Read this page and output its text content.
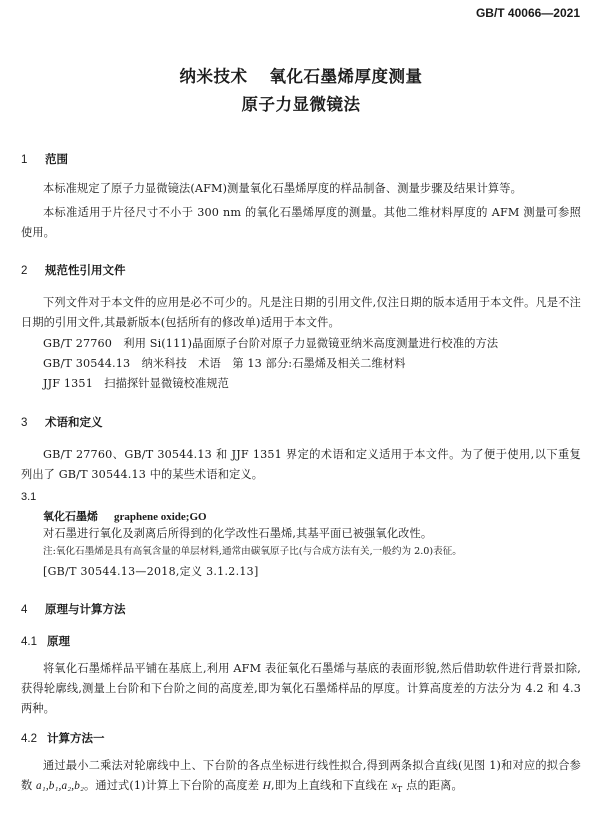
GB/T 40066—2021
纳米技术 氧化石墨烯厚度测量
原子力显微镜法
1 范围
本标准规定了原子力显微镜法(AFM)测量氧化石墨烯厚度的样品制备、测量步骤及结果计算等。
本标准适用于片径尺寸不小于 300 nm 的氧化石墨烯厚度的测量。其他二维材料厚度的 AFM 测量可参照使用。
2 规范性引用文件
下列文件对于本文件的应用是必不可少的。凡是注日期的引用文件,仅注日期的版本适用于本文件。凡是不注日期的引用文件,其最新版本(包括所有的修改单)适用于本文件。
GB/T 27760　利用 Si(111)晶面原子台阶对原子力显微镜亚纳米高度测量进行校准的方法
GB/T 30544.13　纳米科技　术语　第 13 部分:石墨烯及相关二维材料
JJF 1351　扫描探针显微镜校准规范
3 术语和定义
GB/T 27760、GB/T 30544.13 和 JJF 1351 界定的术语和定义适用于本文件。为了便于使用,以下重复列出了 GB/T 30544.13 中的某些术语和定义。
3.1
氧化石墨烯 graphene oxide;GO
对石墨进行氧化及剥离后所得到的化学改性石墨烯,其基平面已被强氧化改性。
注:氧化石墨烯是具有高氧含量的单层材料,通常由碳氧原子比(与合成方法有关,一般约为 2.0)表征。
[GB/T 30544.13—2018,定义 3.1.2.13]
4 原理与计算方法
4.1 原理
将氧化石墨烯样品平铺在基底上,利用 AFM 表征氧化石墨烯与基底的表面形貌,然后借助软件进行背景扣除,获得轮廓线,测量上台阶和下台阶之间的高度差,即为氧化石墨烯样品的厚度。计算高度差的方法分为 4.2 和 4.3 两种。
4.2 计算方法一
通过最小二乘法对轮廓线中上、下台阶的各点坐标进行线性拟合,得到两条拟合直线(见图 1)和对应的拟合参数 a₁,b₁,a₂,b₂。通过式(1)计算上下台阶的高度差 H,即为上直线和下直线在 $x_T$ 点的距离。
